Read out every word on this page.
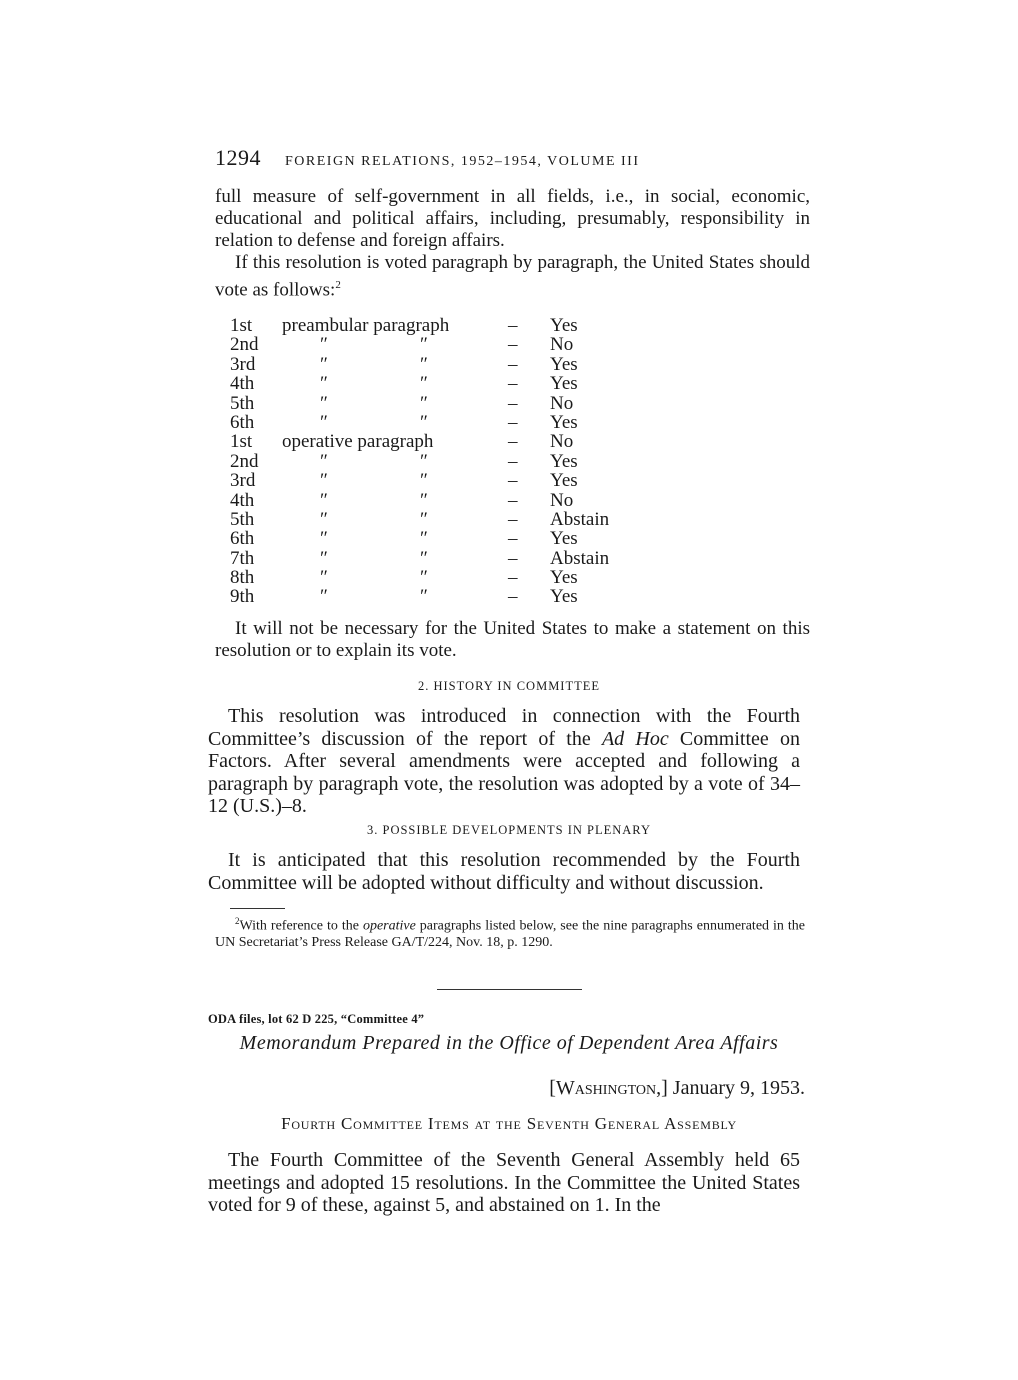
1294 FOREIGN RELATIONS, 1952–1954, VOLUME III

full measure of self-government in all fields, i.e., in social, economic, educational and political affairs, including, presumably, responsibility in relation to defense and foreign affairs.

If this resolution is voted paragraph by paragraph, the United States should vote as follows:$^2$

1st preambular paragraph	– Yes
2nd	″	″	– No
3rd	″	″	– Yes
4th	″	″	– Yes
5th	″	″	– No
6th	″	″	– Yes
1st operative paragraph	– No
2nd	″	″	– Yes
3rd	″	″	– Yes
4th	″	″	– No
5th	″	″	– Abstain
6th	″	″	– Yes
7th	″	″	– Abstain
8th	″	″	– Yes
9th	″	″	– Yes

It will not be necessary for the United States to make a statement on this resolution or to explain its vote.

2. HISTORY IN COMMITTEE

This resolution was introduced in connection with the Fourth Committee’s discussion of the report of the Ad Hoc Committee on Factors. After several amendments were accepted and following a paragraph by paragraph vote, the resolution was adopted by a vote of 34–12 (U.S.)–8.

3. POSSIBLE DEVELOPMENTS IN PLENARY

It is anticipated that this resolution recommended by the Fourth Committee will be adopted without difficulty and without discussion.

$^2$With reference to the operative paragraphs listed below, see the nine paragraphs ennumerated in the UN Secretariat’s Press Release GA/T/224, Nov. 18, p. 1290.

ODA files, lot 62 D 225, “Committee 4”
Memorandum Prepared in the Office of Dependent Area Affairs
[Washington,] January 9, 1953.
Fourth Committee Items at the Seventh General Assembly

The Fourth Committee of the Seventh General Assembly held 65 meetings and adopted 15 resolutions. In the Committee the United States voted for 9 of these, against 5, and abstained on 1. In the
